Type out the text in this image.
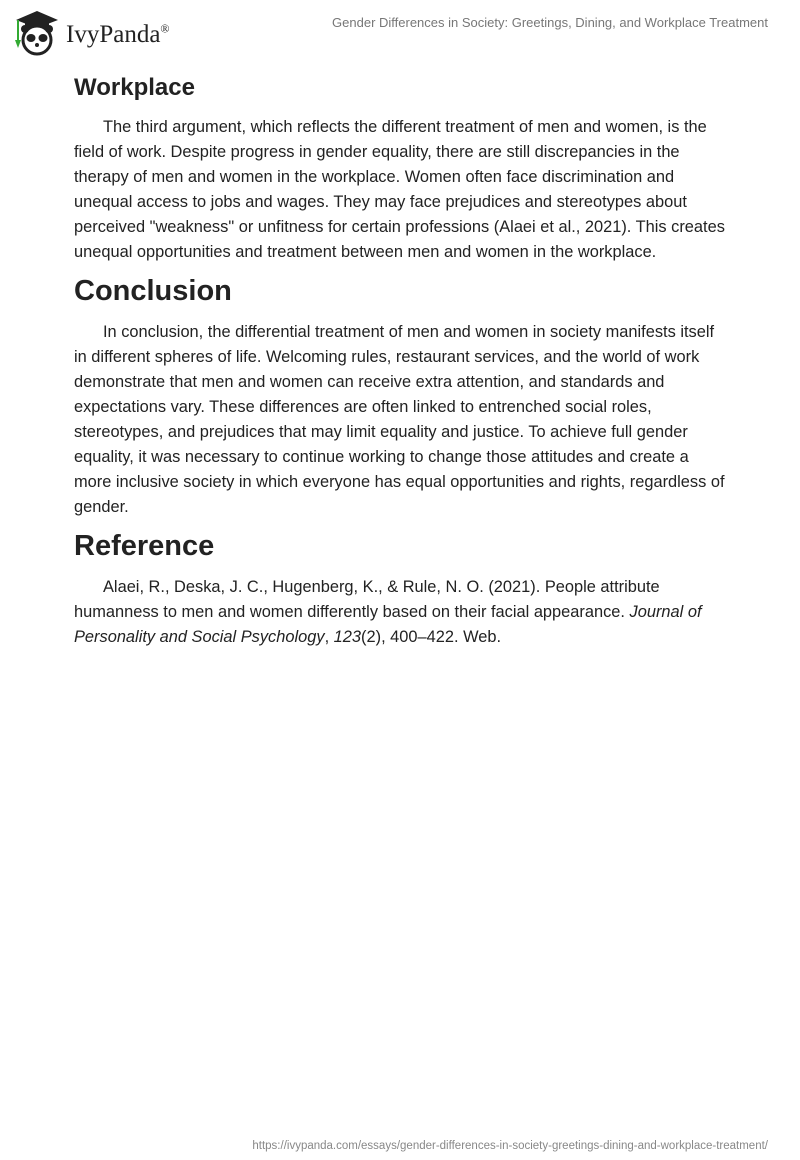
IvyPanda®	Gender Differences in Society: Greetings, Dining, and Workplace Treatment
Workplace

The third argument, which reflects the different treatment of men and women, is the field of work. Despite progress in gender equality, there are still discrepancies in the therapy of men and women in the workplace. Women often face discrimination and unequal access to jobs and wages. They may face prejudices and stereotypes about perceived "weakness" or unfitness for certain professions (Alaei et al., 2021). This creates unequal opportunities and treatment between men and women in the workplace.

Conclusion

In conclusion, the differential treatment of men and women in society manifests itself in different spheres of life. Welcoming rules, restaurant services, and the world of work demonstrate that men and women can receive extra attention, and standards and expectations vary. These differences are often linked to entrenched social roles, stereotypes, and prejudices that may limit equality and justice. To achieve full gender equality, it was necessary to continue working to change those attitudes and create a more inclusive society in which everyone has equal opportunities and rights, regardless of gender.

Reference

Alaei, R., Deska, J. C., Hugenberg, K., & Rule, N. O. (2021). People attribute humanness to men and women differently based on their facial appearance. Journal of Personality and Social Psychology, 123(2), 400–422. Web.

https://ivypanda.com/essays/gender-differences-in-society-greetings-dining-and-workplace-treatment/
